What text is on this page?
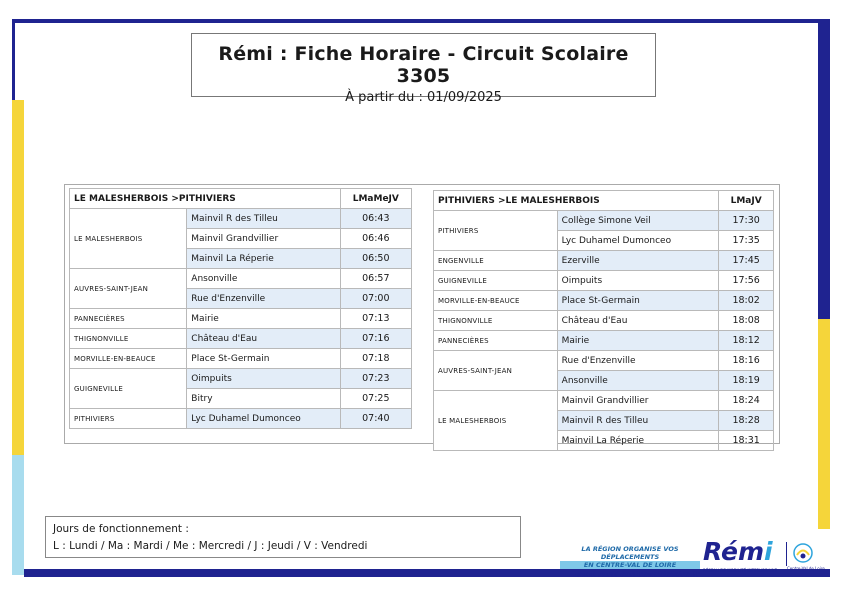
Rémi : Fiche Horaire - Circuit Scolaire 3305
À partir du : 01/09/2025
LE MALESHERBOIS >PITHIVIERS		LMaMeJV
LE MALESHERBOIS	Mainvil R des Tilleu	06:43
	Mainvil Grandvillier	06:46
	Mainvil La Réperie	06:50
AUVRES-SAINT-JEAN	Ansonville	06:57
	Rue d'Enzenville	07:00
PANNECIÈRES	Mairie	07:13
THIGNONVILLE	Château d'Eau	07:16
MORVILLE-EN-BEAUCE	Place St-Germain	07:18
GUIGNEVILLE	Oimpuits	07:23
	Bitry	07:25
PITHIVIERS	Lyc Duhamel Dumonceo	07:40
PITHIVIERS >LE MALESHERBOIS		LMaJV
PITHIVIERS	Collège Simone Veil	17:30
	Lyc Duhamel Dumonceo	17:35
ENGENVILLE	Ezerville	17:45
GUIGNEVILLE	Oimpuits	17:56
MORVILLE-EN-BEAUCE	Place St-Germain	18:02
THIGNONVILLE	Château d'Eau	18:08
PANNECIÈRES	Mairie	18:12
AUVRES-SAINT-JEAN	Rue d'Enzenville	18:16
	Ansonville	18:19
LE MALESHERBOIS	Mainvil Grandvillier	18:24
	Mainvil R des Tilleu	18:28
	Mainvil La Réperie	18:31
Jours de fonctionnement :
L : Lundi / Ma : Mardi / Me : Mercredi / J : Jeudi / V : Vendredi	LA RÉGION ORGANISE VOS DÉPLACEMENTS
EN CENTRE-VAL DE LOIRE
www.remi-centrevaldeloire.fr
Rémi
RÉSEAU DE MOBILITÉ INTERURBAINE Centre-Val de Loire
